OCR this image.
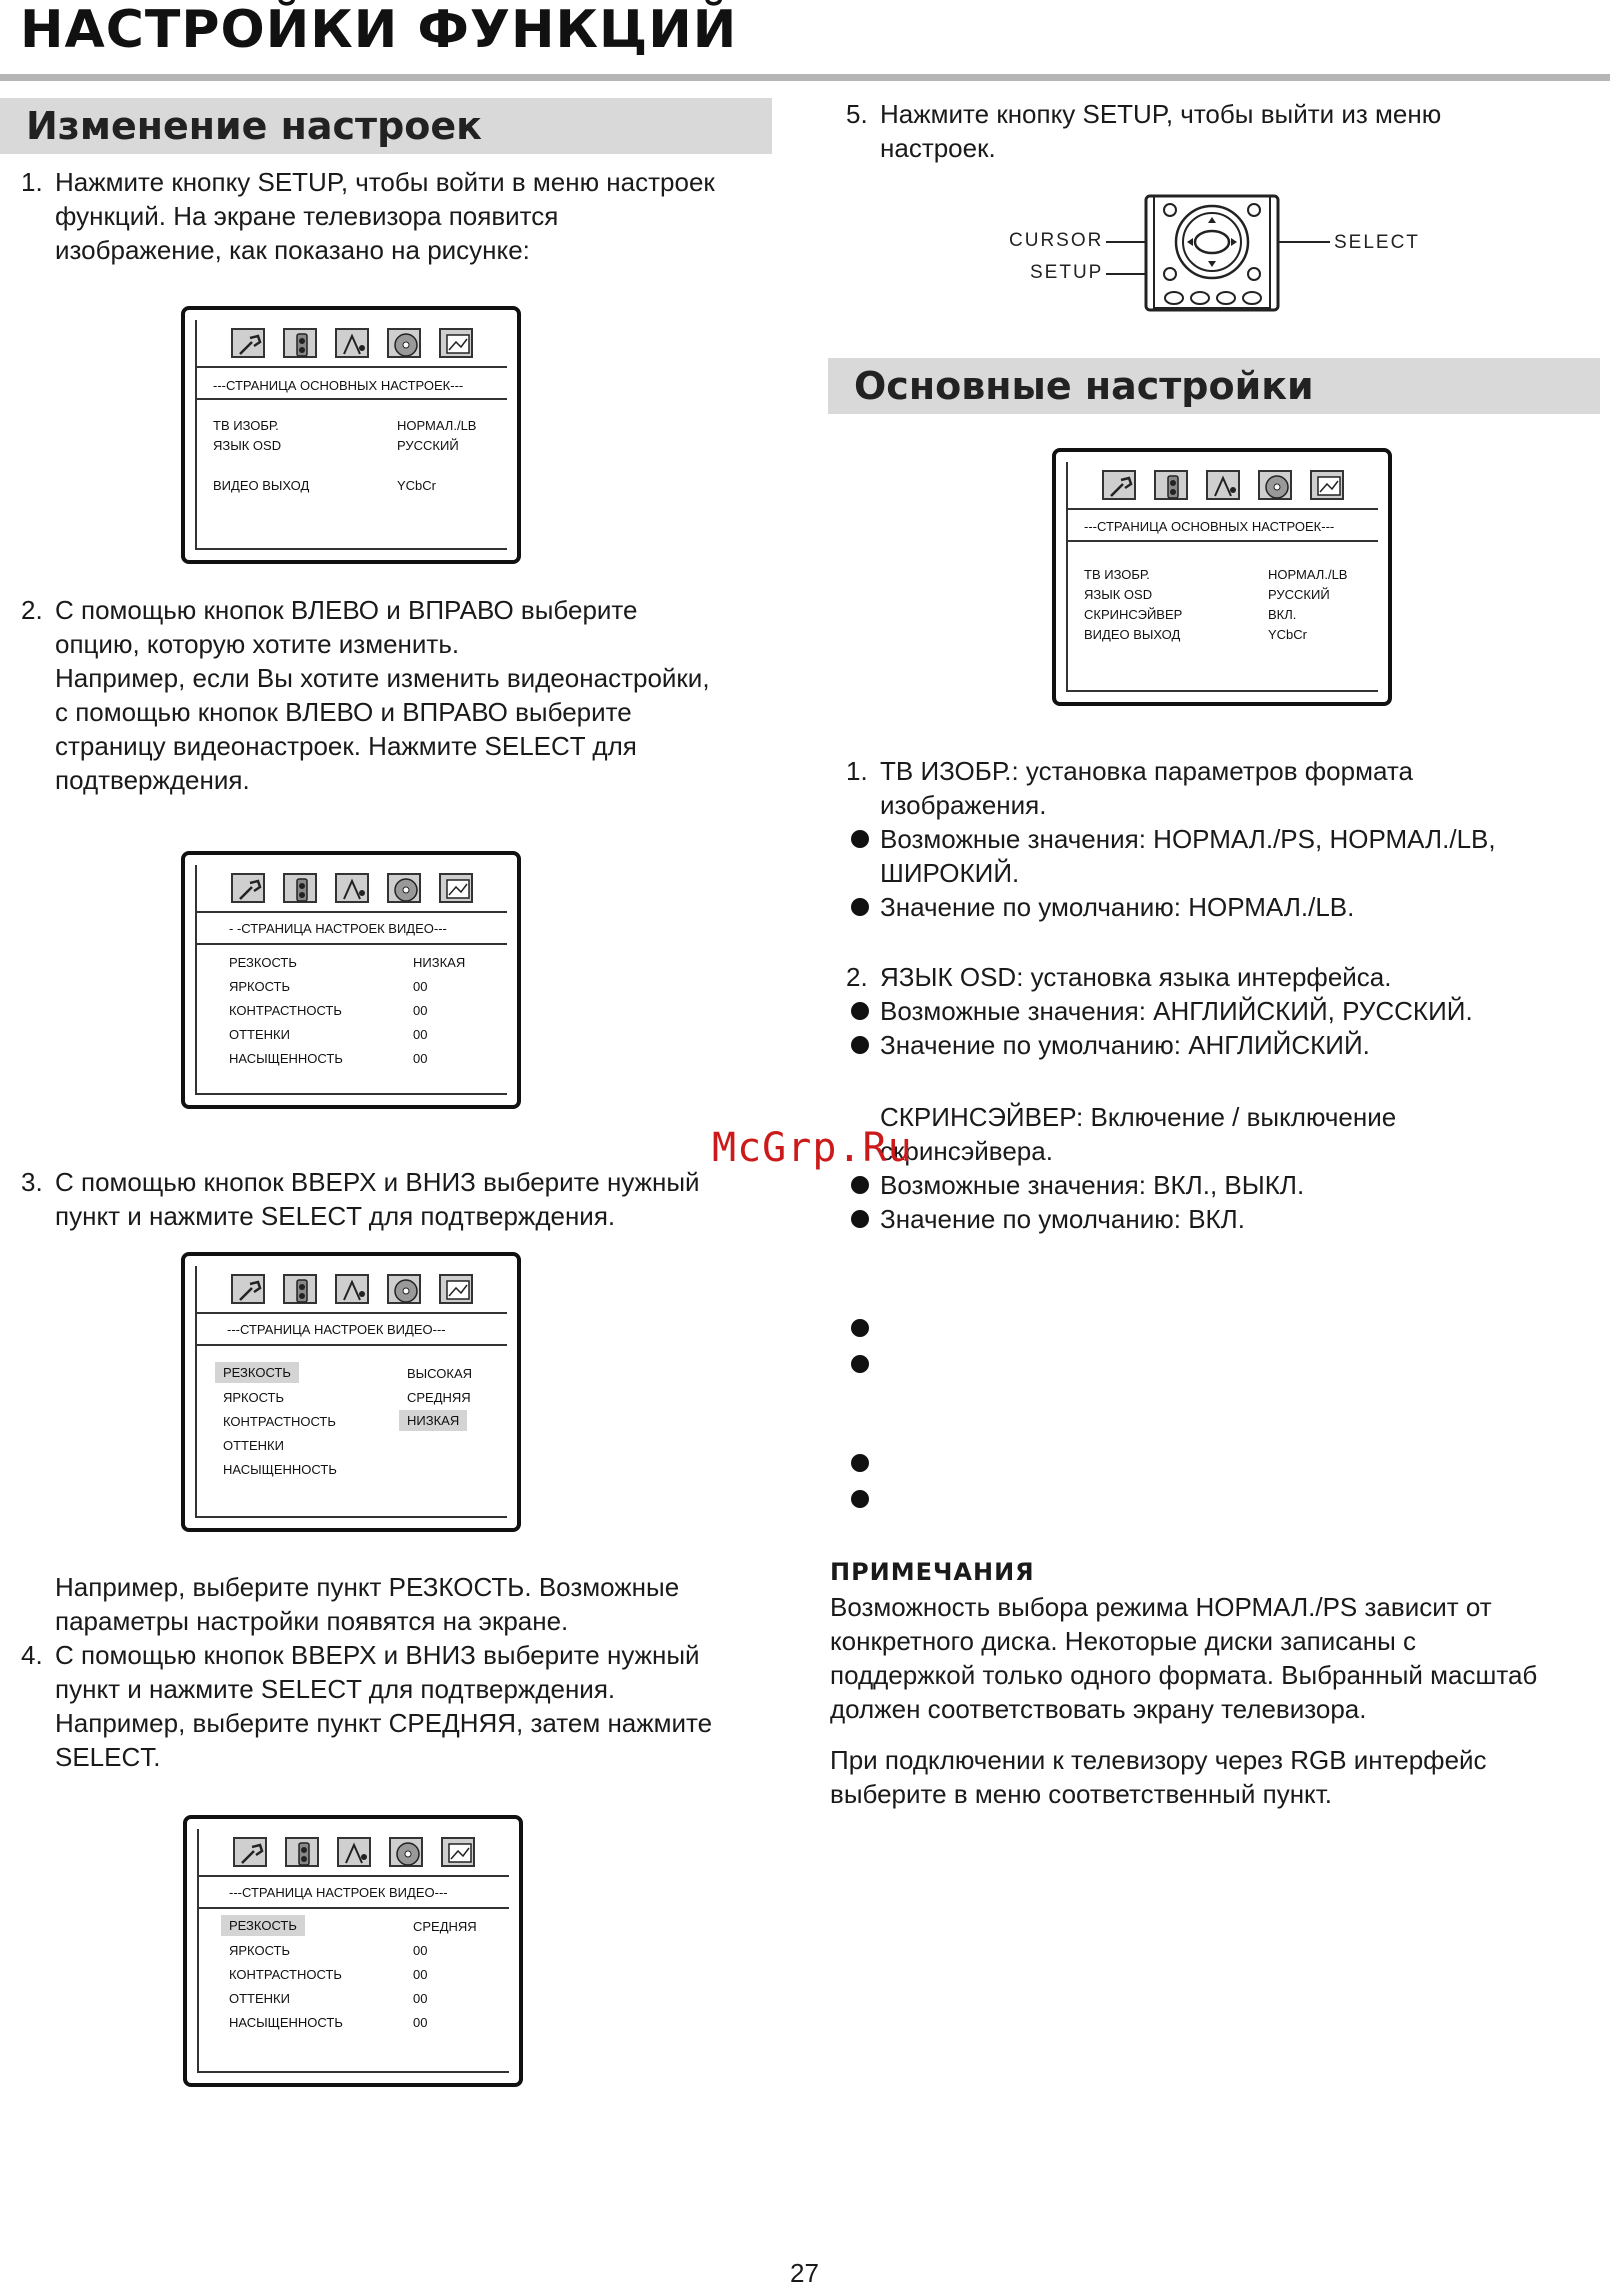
НАСТРОЙКИ ФУНКЦИЙ
Изменение настроек
1. Нажмите кнопку SETUP, чтобы войти в меню настроек
функций. На экране телевизора появится
изображение, как показано на рисунке:
---СТРАНИЦА ОСНОВНЫХ НАСТРОЕК---
ТВ ИЗОБР.	НОРМАЛ./LB
ЯЗЫК OSD	РУССКИЙ
ВИДЕО ВЫХОД	YCbCr
2. С помощью кнопок ВЛЕВО и ВПРАВО выберите
опцию, которую хотите изменить.
Например, если Вы хотите изменить видеонастройки,
с помощью кнопок ВЛЕВО и ВПРАВО выберите
страницу видеонастроек. Нажмите SELECT для
подтверждения.
- -СТРАНИЦА НАСТРОЕК ВИДЕО---
РЕЗКОСТЬ	НИЗКАЯ
ЯРКОСТЬ	00
КОНТРАСТНОСТЬ	00
ОТТЕНКИ	00
НАСЫЩЕННОСТЬ	00
3. С помощью кнопок ВВЕРХ и ВНИЗ выберите нужный
пункт и нажмите SELECT для подтверждения.
---СТРАНИЦА НАСТРОЕК ВИДЕО---
РЕЗКОСТЬ	ВЫСОКАЯ
ЯРКОСТЬ	СРЕДНЯЯ
КОНТРАСТНОСТЬ	НИЗКАЯ
ОТТЕНКИ
НАСЫЩЕННОСТЬ
Например, выберите пункт РЕЗКОСТЬ. Возможные
параметры настройки появятся на экране.
4. С помощью кнопок ВВЕРХ и ВНИЗ выберите нужный
пункт и нажмите SELECT для подтверждения.
Например, выберите пункт СРЕДНЯЯ, затем нажмите
SELECT.
---СТРАНИЦА НАСТРОЕК ВИДЕО---
РЕЗКОСТЬ	СРЕДНЯЯ
ЯРКОСТЬ	00
КОНТРАСТНОСТЬ	00
ОТТЕНКИ	00
НАСЫЩЕННОСТЬ	00
5. Нажмите кнопку SETUP, чтобы выйти из меню
настроек.
CURSOR
SETUP
SELECT
Основные настройки
---СТРАНИЦА ОСНОВНЫХ НАСТРОЕК---
ТВ ИЗОБР.	НОРМАЛ./LB
ЯЗЫК OSD	РУССКИЙ
СКРИНСЭЙВЕР	ВКЛ.
ВИДЕО ВЫХОД	YCbCr
1. ТВ ИЗОБР.: установка параметров формата
изображения.
Возможные значения: НОРМАЛ./PS, НОРМАЛ./LB,
ШИРОКИЙ.
Значение по умолчанию: НОРМАЛ./LB.
2. ЯЗЫК OSD: установка языка интерфейса.
Возможные значения: АНГЛИЙСКИЙ, РУССКИЙ.
Значение по умолчанию: АНГЛИЙСКИЙ.
СКРИНСЭЙВЕР: Включение / выключение
скринсэйвера.
Возможные значения: ВКЛ., ВЫКЛ.
Значение по умолчанию: ВКЛ.
McGrp.Ru
ПРИМЕЧАНИЯ
Возможность выбора режима НОРМАЛ./PS зависит от
конкретного диска. Некоторые диски записаны с
поддержкой только одного формата. Выбранный масштаб
должен соответствовать экрану телевизора.
При подключении к телевизору через RGB интерфейс
выберите в меню соответственный пункт.
27
